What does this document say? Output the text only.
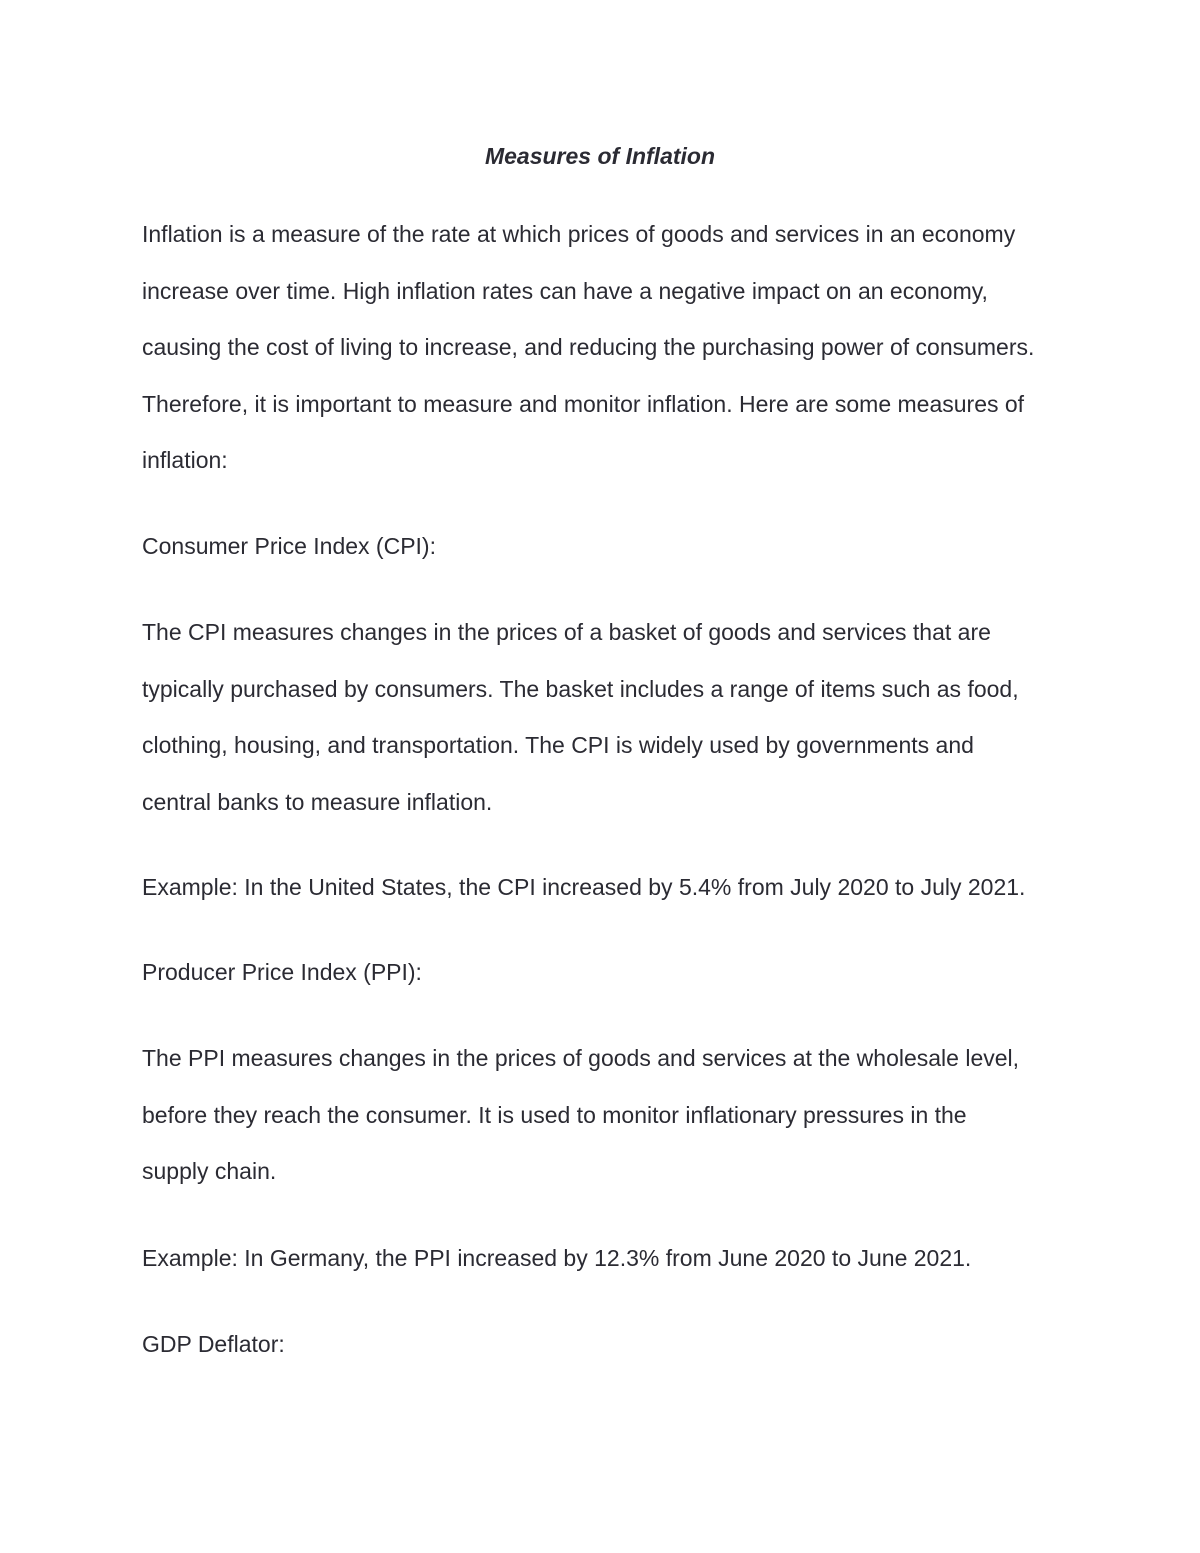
Measures of Inflation
Inflation is a measure of the rate at which prices of goods and services in an economy
increase over time. High inflation rates can have a negative impact on an economy,
causing the cost of living to increase, and reducing the purchasing power of consumers.
Therefore, it is important to measure and monitor inflation. Here are some measures of
inflation:
Consumer Price Index (CPI):
The CPI measures changes in the prices of a basket of goods and services that are
typically purchased by consumers. The basket includes a range of items such as food,
clothing, housing, and transportation. The CPI is widely used by governments and
central banks to measure inflation.
Example: In the United States, the CPI increased by 5.4% from July 2020 to July 2021.
Producer Price Index (PPI):
The PPI measures changes in the prices of goods and services at the wholesale level,
before they reach the consumer. It is used to monitor inflationary pressures in the
supply chain.
Example: In Germany, the PPI increased by 12.3% from June 2020 to June 2021.
GDP Deflator:
